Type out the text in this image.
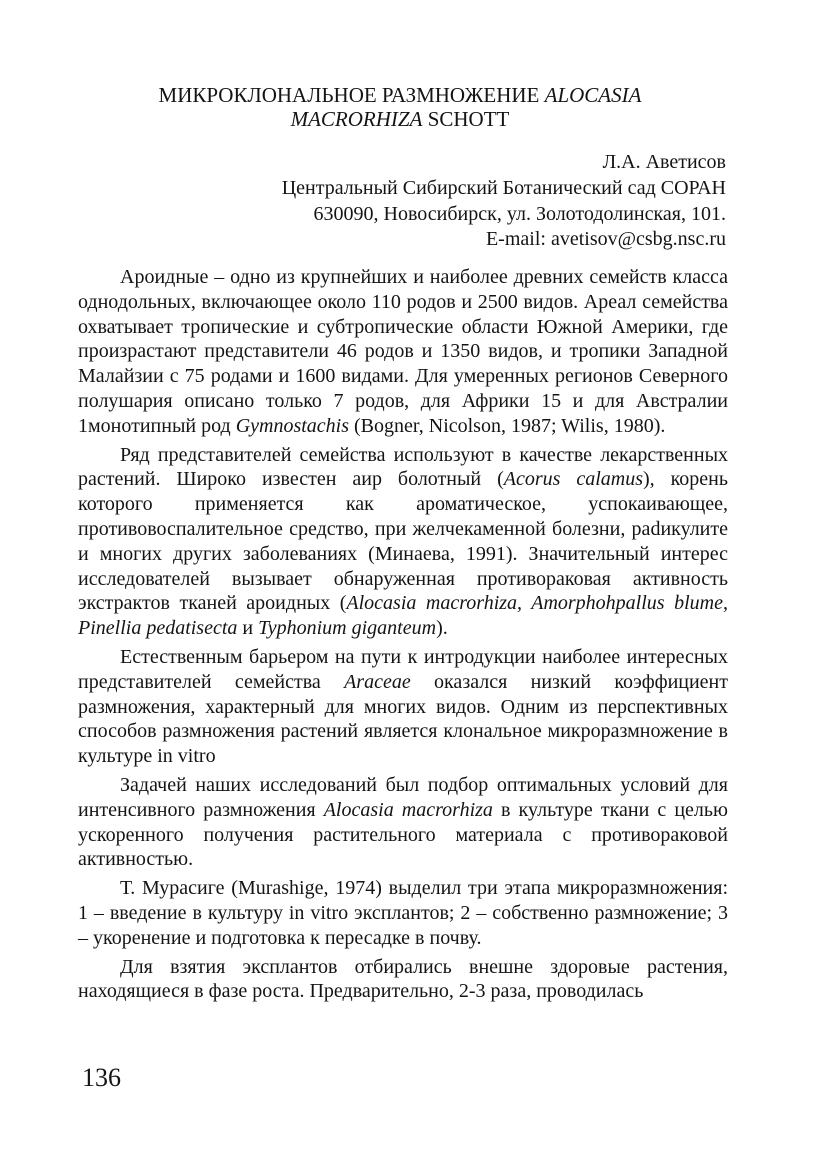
МИКРОКЛОНАЛЬНОЕ РАЗМНОЖЕНИЕ ALOCASIA
MACRORHIZA SCHOTT
Л.А. Аветисов
Центральный Сибирский Ботанический сад СОРАН
630090, Новосибирск, ул. Золотодолинская, 101.
E-mail: avetisov@csbg.nsc.ru

Ароидные – одно из крупнейших и наиболее древних семейств класса однодольных, включающее около 110 родов и 2500 видов. Ареал семейства охватывает тропические и субтропические области Южной Америки, где произрастают представители 46 родов и 1350 видов, и тропики Западной Малайзии с 75 родами и 1600 видами. Для умеренных регионов Северного полушария описано только 7 родов, для Африки 15 и для Австралии 1монотипный род Gymnostachis (Bogner, Nicolson, 1987; Wilis, 1980).

Ряд представителей семейства используют в качестве лекарственных растений. Широко известен аир болотный (Acorus calamus), корень которого применяется как ароматическое, успокаивающее, противовоспалительное средство, при желчекаменной болезни, раdикулите и многих других заболеваниях (Минаева, 1991). Значительный интерес исследователей вызывает обнаруженная противораковая активность экстрактов тканей ароидных (Alocasia macrorhiza, Amorphohpallus blume, Pinellia pedatisecta и Typhonium giganteum).

Естественным барьером на пути к интродукции наиболее интересных представителей семейства Araceae оказался низкий коэффициент размножения, характерный для многих видов. Одним из перспективных способов размножения растений является клональное микроразмножение в культуре in vitro

Задачей наших исследований был подбор оптимальных условий для интенсивного размножения Alocasia macrorhiza в культуре ткани с целью ускоренного получения растительного материала с противораковой активностью.

Т. Мурасиге (Murashige, 1974) выделил три этапа микроразмножения: 1 – введение в культуру in vitro эксплантов; 2 – собственно размножение; 3 – укоренение и подготовка к пересадке в почву.

Для взятия эксплантов отбирались внешне здоровые растения, находящиеся в фазе роста. Предварительно, 2-3 раза, проводилась

136
